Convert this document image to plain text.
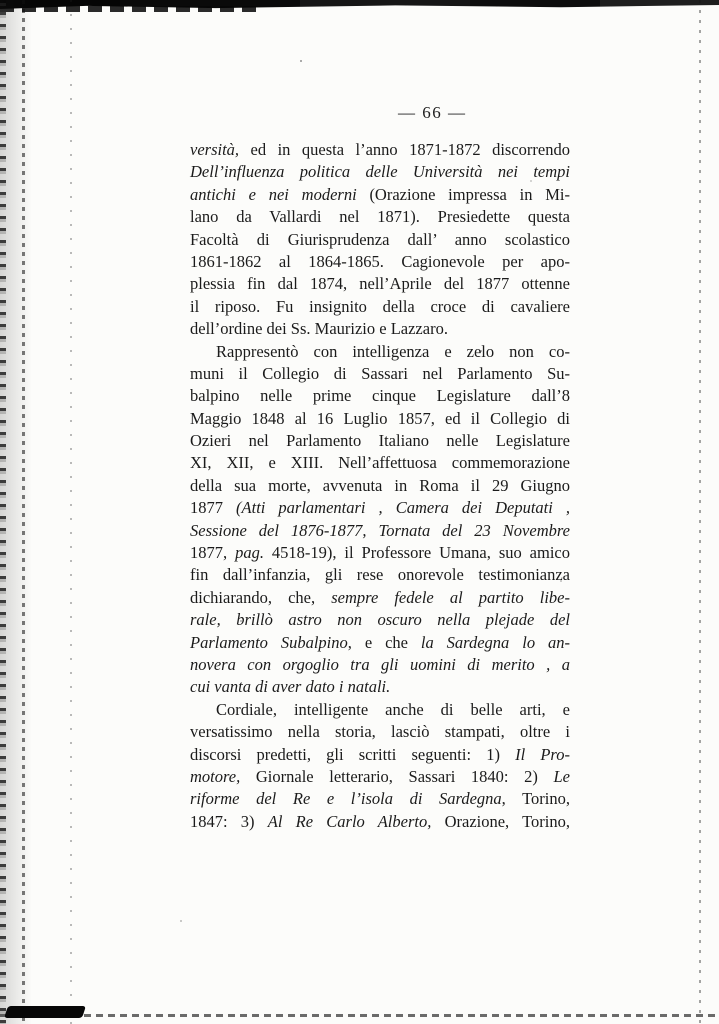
— 66 —
versità, ed in questa l’anno 1871-1872 discorrendo
Dell’influenza politica delle Università nei tempi
antichi e nei moderni (Orazione impressa in Mi-
lano da Vallardi nel 1871). Presiedette questa
Facoltà di Giurisprudenza dall’ anno scolastico
1861-1862 al 1864-1865. Cagionevole per apo-
plessia fin dal 1874, nell’Aprile del 1877 ottenne
il riposo. Fu insignito della croce di cavaliere
dell’ordine dei Ss. Maurizio e Lazzaro.
Rappresentò con intelligenza e zelo non co-
muni il Collegio di Sassari nel Parlamento Su-
balpino nelle prime cinque Legislature dall’8
Maggio 1848 al 16 Luglio 1857, ed il Collegio di
Ozieri nel Parlamento Italiano nelle Legislature
XI, XII, e XIII. Nell’affettuosa commemorazione
della sua morte, avvenuta in Roma il 29 Giugno
1877 (Atti parlamentari , Camera dei Deputati ,
Sessione del 1876-1877, Tornata del 23 Novembre
1877, pag. 4518-19), il Professore Umana, suo amico
fin dall’infanzia, gli rese onorevole testimonianza
dichiarando, che, sempre fedele al partito libe-
rale, brillò astro non oscuro nella plejade del
Parlamento Subalpino, e che la Sardegna lo an-
novera con orgoglio tra gli uomini di merito , a
cui vanta di aver dato i natali.
Cordiale, intelligente anche di belle arti, e
versatissimo nella storia, lasciò stampati, oltre i
discorsi predetti, gli scritti seguenti: 1) Il Pro-
motore, Giornale letterario, Sassari 1840: 2) Le
riforme del Re e l’isola di Sardegna, Torino,
1847: 3) Al Re Carlo Alberto, Orazione, Torino,
